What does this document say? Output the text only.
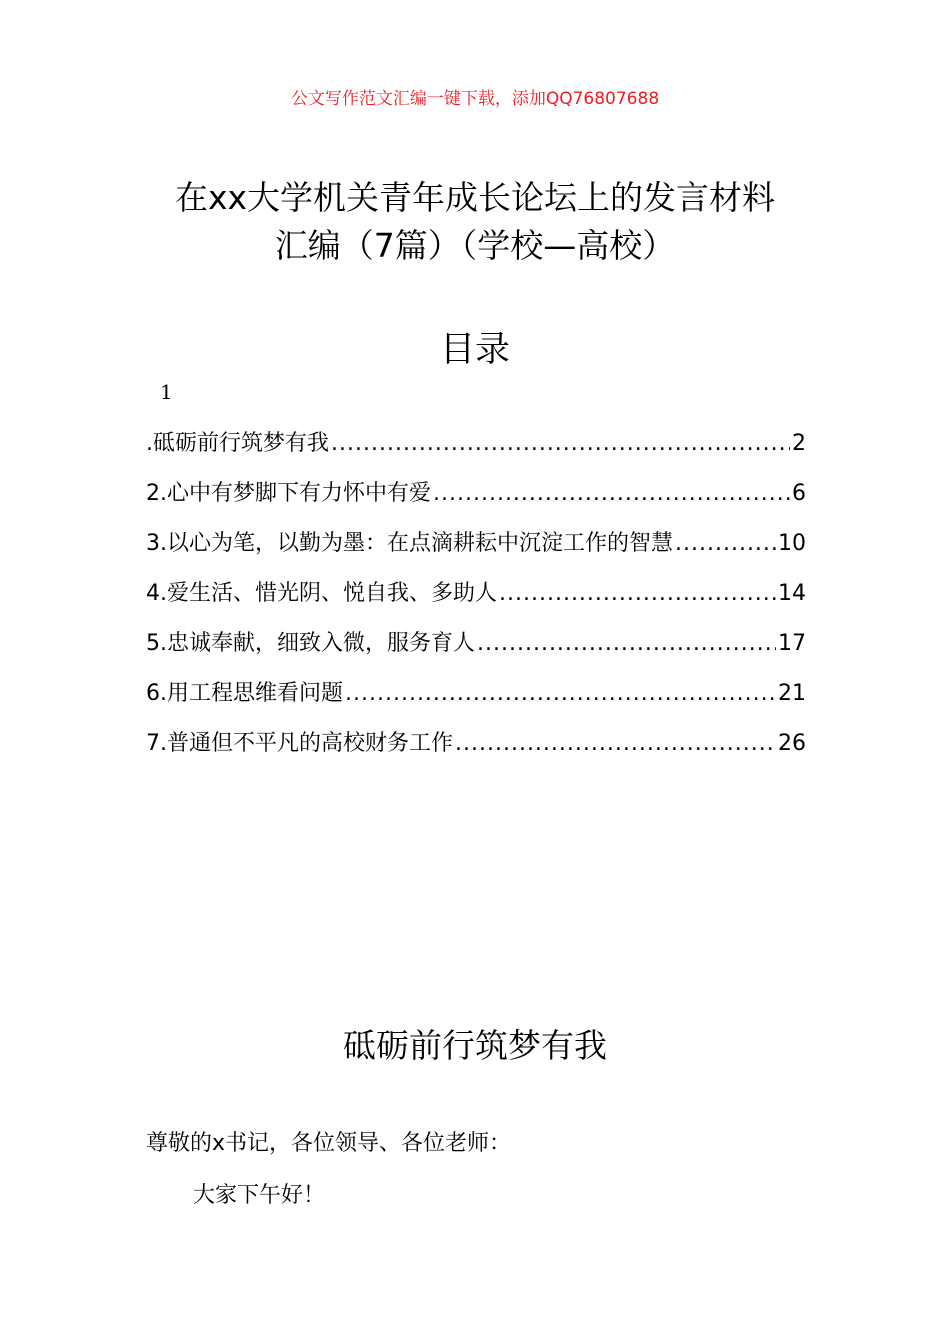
公文写作范文汇编一键下载，添加QQ76807688
在xx大学机关青年成长论坛上的发言材料
汇编（7篇）（学校—高校）
目录
1
.砥砺前行筑梦有我 .....	2
2.心中有梦脚下有力怀中有爱 .....	6
3.以心为笔，以勤为墨：在点滴耕耘中沉淀工作的智慧 .....	10
4.爱生活、惜光阴、悦自我、多助人 .....	14
5.忠诚奉献，细致入微，服务育人 .....	17
6.用工程思维看问题 .....	21
7.普通但不平凡的高校财务工作 .....	26
砥砺前行筑梦有我
尊敬的x书记，各位领导、各位老师：
大家下午好！
